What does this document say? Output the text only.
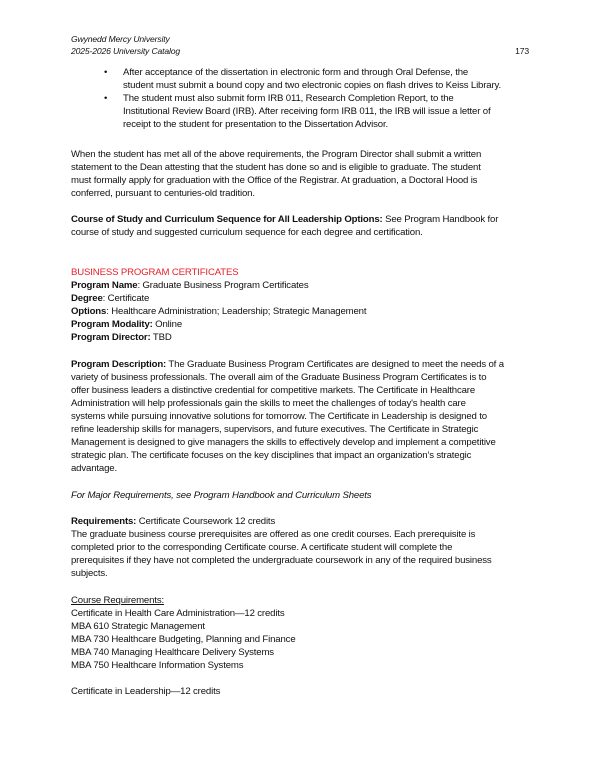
Gwynedd Mercy University
2025-2026 University Catalog	173
• After acceptance of the dissertation in electronic form and through Oral Defense, the
student must submit a bound copy and two electronic copies on flash drives to Keiss Library.
• The student must also submit form IRB 011, Research Completion Report, to the
Institutional Review Board (IRB). After receiving form IRB 011, the IRB will issue a letter of
receipt to the student for presentation to the Dissertation Advisor.
When the student has met all of the above requirements, the Program Director shall submit a written
statement to the Dean attesting that the student has done so and is eligible to graduate. The student
must formally apply for graduation with the Office of the Registrar. At graduation, a Doctoral Hood is
conferred, pursuant to centuries-old tradition.
Course of Study and Curriculum Sequence for All Leadership Options: See Program Handbook for
course of study and suggested curriculum sequence for each degree and certification.
BUSINESS PROGRAM CERTIFICATES
Program Name: Graduate Business Program Certificates
Degree: Certificate
Options: Healthcare Administration; Leadership; Strategic Management
Program Modality: Online
Program Director: TBD
Program Description: The Graduate Business Program Certificates are designed to meet the needs of a
variety of business professionals. The overall aim of the Graduate Business Program Certificates is to
offer business leaders a distinctive credential for competitive markets. The Certificate in Healthcare
Administration will help professionals gain the skills to meet the challenges of today's health care
systems while pursuing innovative solutions for tomorrow. The Certificate in Leadership is designed to
refine leadership skills for managers, supervisors, and future executives. The Certificate in Strategic
Management is designed to give managers the skills to effectively develop and implement a competitive
strategic plan. The certificate focuses on the key disciplines that impact an organization’s strategic
advantage.
For Major Requirements, see Program Handbook and Curriculum Sheets
Requirements: Certificate Coursework 12 credits
The graduate business course prerequisites are offered as one credit courses. Each prerequisite is
completed prior to the corresponding Certificate course. A certificate student will complete the
prerequisites if they have not completed the undergraduate coursework in any of the required business
subjects.
Course Requirements:
Certificate in Health Care Administration—12 credits
MBA 610 Strategic Management
MBA 730 Healthcare Budgeting, Planning and Finance
MBA 740 Managing Healthcare Delivery Systems
MBA 750 Healthcare Information Systems
Certificate in Leadership—12 credits
